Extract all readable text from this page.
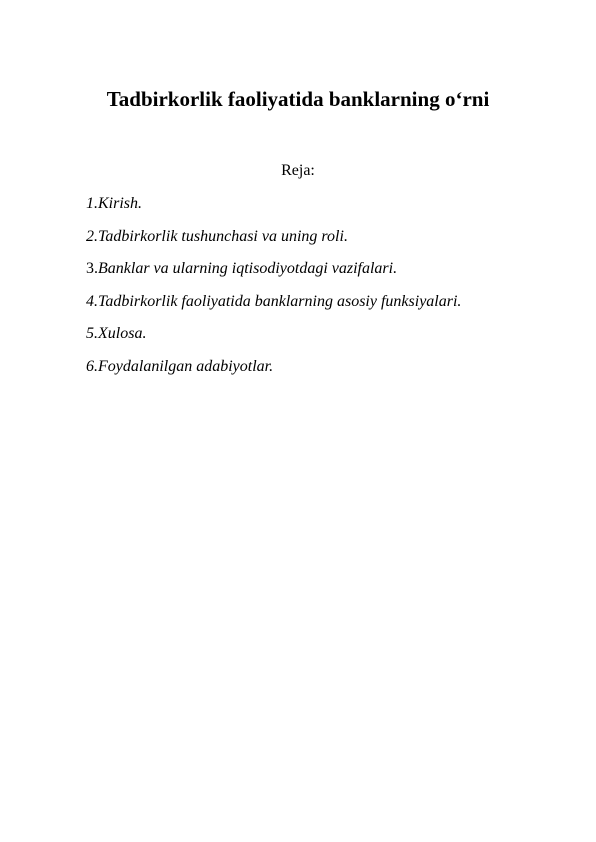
Tadbirkorlik faoliyatida banklarning o‘rni
Reja:
1.Kirish.
2.Tadbirkorlik tushunchasi va uning roli.
3.Banklar va ularning iqtisodiyotdagi vazifalari.
4.Tadbirkorlik faoliyatida banklarning asosiy funksiyalari.
5.Xulosa.
6.Foydalanilgan adabiyotlar.
